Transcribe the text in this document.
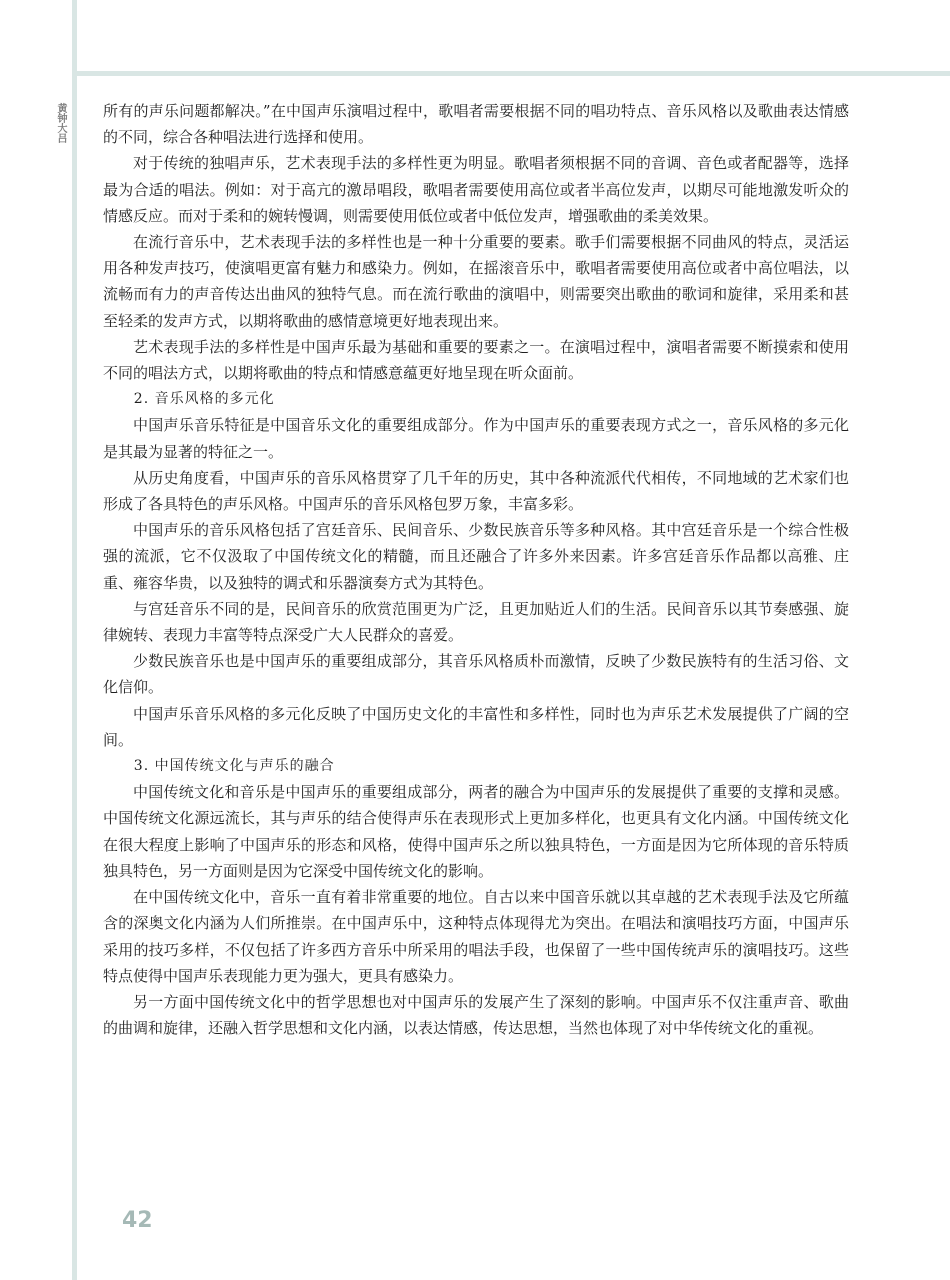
黄钟大吕 所有的声乐问题都解决。”在中国声乐演唱过程中，歌唱者需要根据不同的唱功特点、音乐风格以及歌曲表达情感的不同，综合各种唱法进行选择和使用。

对于传统的独唱声乐，艺术表现手法的多样性更为明显。歌唱者须根据不同的音调、音色或者配器等，选择最为合适的唱法。例如：对于高亢的激昂唱段，歌唱者需要使用高位或者半高位发声，以期尽可能地激发听众的情感反应。而对于柔和的婉转慢调，则需要使用低位或者中低位发声，增强歌曲的柔美效果。

在流行音乐中，艺术表现手法的多样性也是一种十分重要的要素。歌手们需要根据不同曲风的特点，灵活运用各种发声技巧，使演唱更富有魅力和感染力。例如，在摇滚音乐中，歌唱者需要使用高位或者中高位唱法，以流畅而有力的声音传达出曲风的独特气息。而在流行歌曲的演唱中，则需要突出歌曲的歌词和旋律，采用柔和甚至轻柔的发声方式，以期将歌曲的感情意境更好地表现出来。

艺术表现手法的多样性是中国声乐最为基础和重要的要素之一。在演唱过程中，演唱者需要不断摸索和使用不同的唱法方式，以期将歌曲的特点和情感意蕴更好地呈现在听众面前。

2. 音乐风格的多元化

中国声乐音乐特征是中国音乐文化的重要组成部分。作为中国声乐的重要表现方式之一，音乐风格的多元化是其最为显著的特征之一。

从历史角度看，中国声乐的音乐风格贯穿了几千年的历史，其中各种流派代代相传，不同地域的艺术家们也形成了各具特色的声乐风格。中国声乐的音乐风格包罗万象，丰富多彩。

中国声乐的音乐风格包括了宫廷音乐、民间音乐、少数民族音乐等多种风格。其中宫廷音乐是一个综合性极强的流派，它不仅汲取了中国传统文化的精髓，而且还融合了许多外来因素。许多宫廷音乐作品都以高雅、庄重、雍容华贵，以及独特的调式和乐器演奏方式为其特色。

与宫廷音乐不同的是，民间音乐的欣赏范围更为广泛，且更加贴近人们的生活。民间音乐以其节奏感强、旋律婉转、表现力丰富等特点深受广大人民群众的喜爱。

少数民族音乐也是中国声乐的重要组成部分，其音乐风格质朴而激情，反映了少数民族特有的生活习俗、文化信仰。

中国声乐音乐风格的多元化反映了中国历史文化的丰富性和多样性，同时也为声乐艺术发展提供了广阔的空间。

3. 中国传统文化与声乐的融合

中国传统文化和音乐是中国声乐的重要组成部分，两者的融合为中国声乐的发展提供了重要的支撑和灵感。中国传统文化源远流长，其与声乐的结合使得声乐在表现形式上更加多样化，也更具有文化内涵。中国传统文化在很大程度上影响了中国声乐的形态和风格，使得中国声乐之所以独具特色，一方面是因为它所体现的音乐特质独具特色，另一方面则是因为它深受中国传统文化的影响。

在中国传统文化中，音乐一直有着非常重要的地位。自古以来中国音乐就以其卓越的艺术表现手法及它所蕴含的深奥文化内涵为人们所推崇。在中国声乐中，这种特点体现得尤为突出。在唱法和演唱技巧方面，中国声乐采用的技巧多样，不仅包括了许多西方音乐中所采用的唱法手段，也保留了一些中国传统声乐的演唱技巧。这些特点使得中国声乐表现能力更为强大，更具有感染力。

另一方面中国传统文化中的哲学思想也对中国声乐的发展产生了深刻的影响。中国声乐不仅注重声音、歌曲的曲调和旋律，还融入哲学思想和文化内涵，以表达情感，传达思想，当然也体现了对中华传统文化的重视。

42
